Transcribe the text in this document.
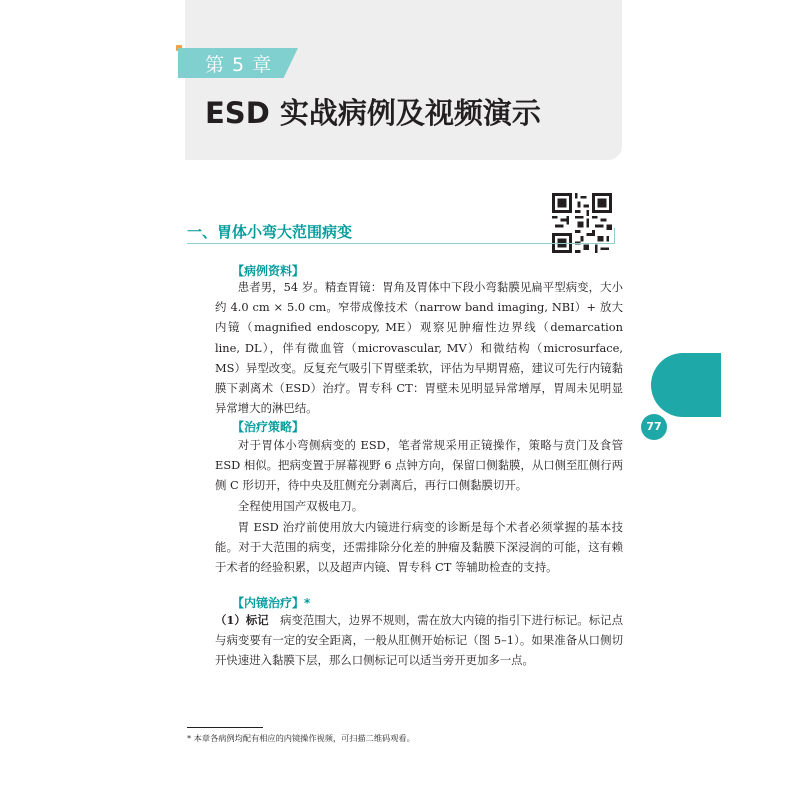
第 5 章
ESD 实战病例及视频演示
一、胃体小弯大范围病变
77
【病例资料】

患者男，54 岁。精查胃镜：胃角及胃体中下段小弯黏膜见扁平型病变，大小约 4.0 cm × 5.0 cm。窄带成像技术（narrow band imaging, NBI）+ 放大内镜（magnified endoscopy, ME）观察见肿瘤性边界线（demarcation line, DL），伴有微血管（microvascular, MV）和微结构（microsurface, MS）异型改变。反复充气吸引下胃壁柔软，评估为早期胃癌，建议可先行内镜黏膜下剥离术（ESD）治疗。胃专科 CT：胃壁未见明显异常增厚，胃周未见明显异常增大的淋巴结。

【治疗策略】

对于胃体小弯侧病变的 ESD，笔者常规采用正镜操作，策略与贲门及食管 ESD 相似。把病变置于屏幕视野 6 点钟方向，保留口侧黏膜，从口侧至肛侧行两侧 C 形切开，待中央及肛侧充分剥离后，再行口侧黏膜切开。

全程使用国产双极电刀。

胃 ESD 治疗前使用放大内镜进行病变的诊断是每个术者必须掌握的基本技能。对于大范围的病变，还需排除分化差的肿瘤及黏膜下深浸润的可能，这有赖于术者的经验积累，以及超声内镜、胃专科 CT 等辅助检查的支持。

【内镜治疗】*

（1）标记  病变范围大，边界不规则，需在放大内镜的指引下进行标记。标记点与病变要有一定的安全距离，一般从肛侧开始标记（图 5–1）。如果准备从口侧切开快速进入黏膜下层，那么口侧标记可以适当旁开更加多一点。

* 本章各病例均配有相应的内镜操作视频，可扫描二维码观看。
